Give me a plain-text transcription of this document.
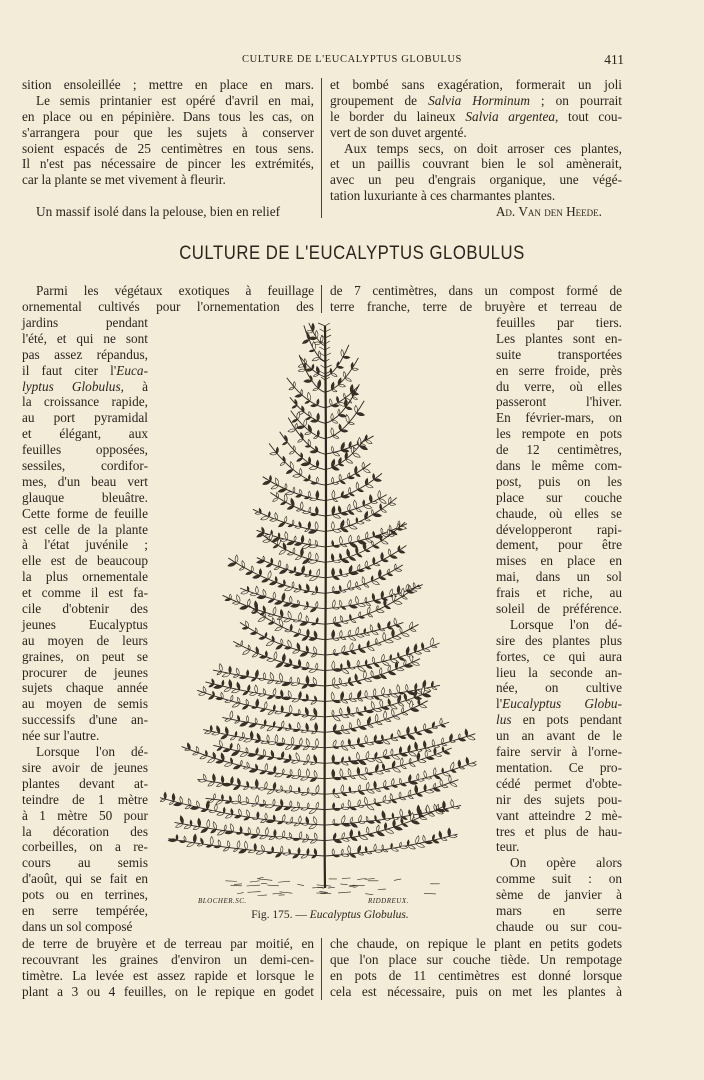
CULTURE DE L'EUCALYPTUS GLOBULUS	411
sition ensoleillée ; mettre en place en mars.
Le semis printanier est opéré d'avril en mai,
en place ou en pépinière. Dans tous les cas, on
s'arrangera pour que les sujets à conserver
soient espacés de 25 centimètres en tous sens.
Il n'est pas nécessaire de pincer les extrémités,
car la plante se met vivement à fleurir.
Un massif isolé dans la pelouse, bien en relief
et bombé sans exagération, formerait un joli
groupement de Salvia Horminum ; on pourrait
le border du laineux Salvia argentea, tout cou-
vert de son duvet argenté.
Aux temps secs, on doit arroser ces plantes,
et un paillis couvrant bien le sol amènerait,
avec un peu d'engrais organique, une végé-
tation luxuriante à ces charmantes plantes.
Ad. Van den Heede.
CULTURE DE L'EUCALYPTUS GLOBULUS
Parmi les végétaux exotiques à feuillage
ornemental cultivés pour l'ornementation des
de 7 centimètres, dans un compost formé de
terre franche, terre de bruyère et terreau de
jardins pendant
l'été, et qui ne sont
pas assez répandus,
il faut citer l'Euca-
lyptus Globulus, à
la croissance rapide,
au port pyramidal
et élégant, aux
feuilles opposées,
sessiles, cordifor-
mes, d'un beau vert
glauque bleuâtre.
Cette forme de feuille
est celle de la plante
à l'état juvénile ;
elle est de beaucoup
la plus ornementale
et comme il est fa-
cile d'obtenir des
jeunes Eucalyptus
au moyen de leurs
graines, on peut se
procurer de jeunes
sujets chaque année
au moyen de semis
successifs d'une an-
née sur l'autre.
Lorsque l'on dé-
sire avoir de jeunes
plantes devant at-
teindre de 1 mètre
à 1 mètre 50 pour
la décoration des
corbeilles, on a re-
cours au semis
d'août, qui se fait en
pots ou en terrines,
en serre tempérée,
dans un sol composé
feuilles par tiers.
Les plantes sont en-
suite transportées
en serre froide, près
du verre, où elles
passeront l'hiver.
En février-mars, on
les rempote en pots
de 12 centimètres,
dans le même com-
post, puis on les
place sur couche
chaude, où elles se
développeront rapi-
dement, pour être
mises en place en
mai, dans un sol
frais et riche, au
soleil de préférence.
Lorsque l'on dé-
sire des plantes plus
fortes, ce qui aura
lieu la seconde an-
née, on cultive
l'Eucalyptus Globu-
lus en pots pendant
un an avant de le
faire servir à l'orne-
mentation. Ce pro-
cédé permet d'obte-
nir des sujets pou-
vant atteindre 2 mè-
tres et plus de hau-
teur.
On opère alors
comme suit : on
sème de janvier à
mars en serre
chaude ou sur cou-
BLOCHER.SC.	RIDDREUX.
Fig. 175. — Eucalyptus Globulus.
de terre de bruyère et de terreau par moitié, en
recouvrant les graines d'environ un demi-cen-
timètre. La levée est assez rapide et lorsque le
plant a 3 ou 4 feuilles, on le repique en godet
che chaude, on repique le plant en petits godets
que l'on place sur couche tiède. Un rempotage
en pots de 11 centimètres est donné lorsque
cela est nécessaire, puis on met les plantes à
